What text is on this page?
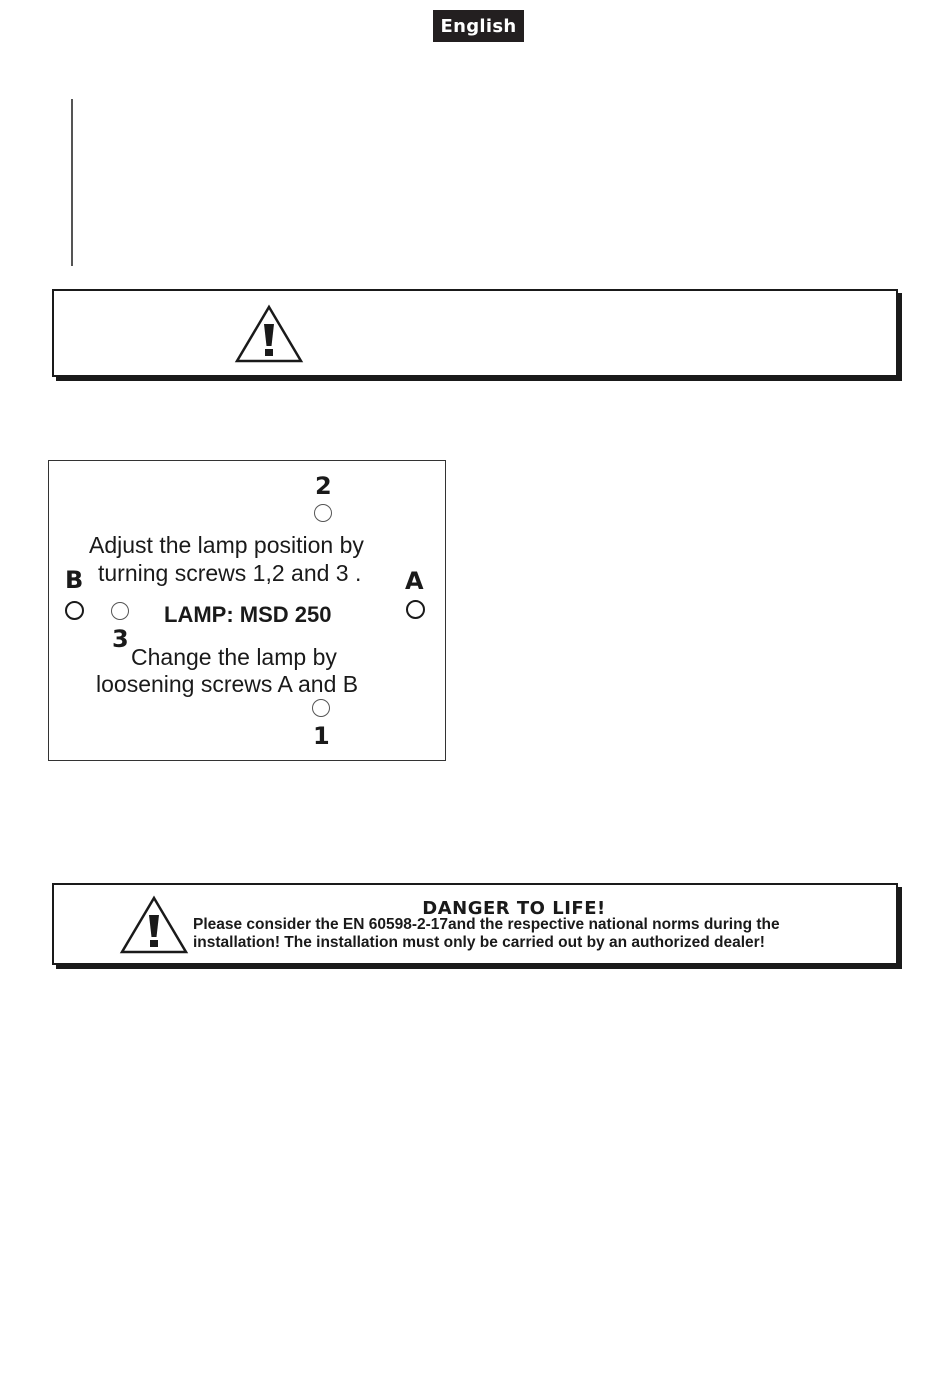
English
2
Adjust the lamp position by
turning screws 1,2 and 3 .
B	A
LAMP: MSD 250
3
Change the lamp by
loosening screws A and B
1
DANGER TO LIFE!
Please consider the EN 60598-2-17and the respective national norms during the
installation! The installation must only be carried out by an authorized dealer!
